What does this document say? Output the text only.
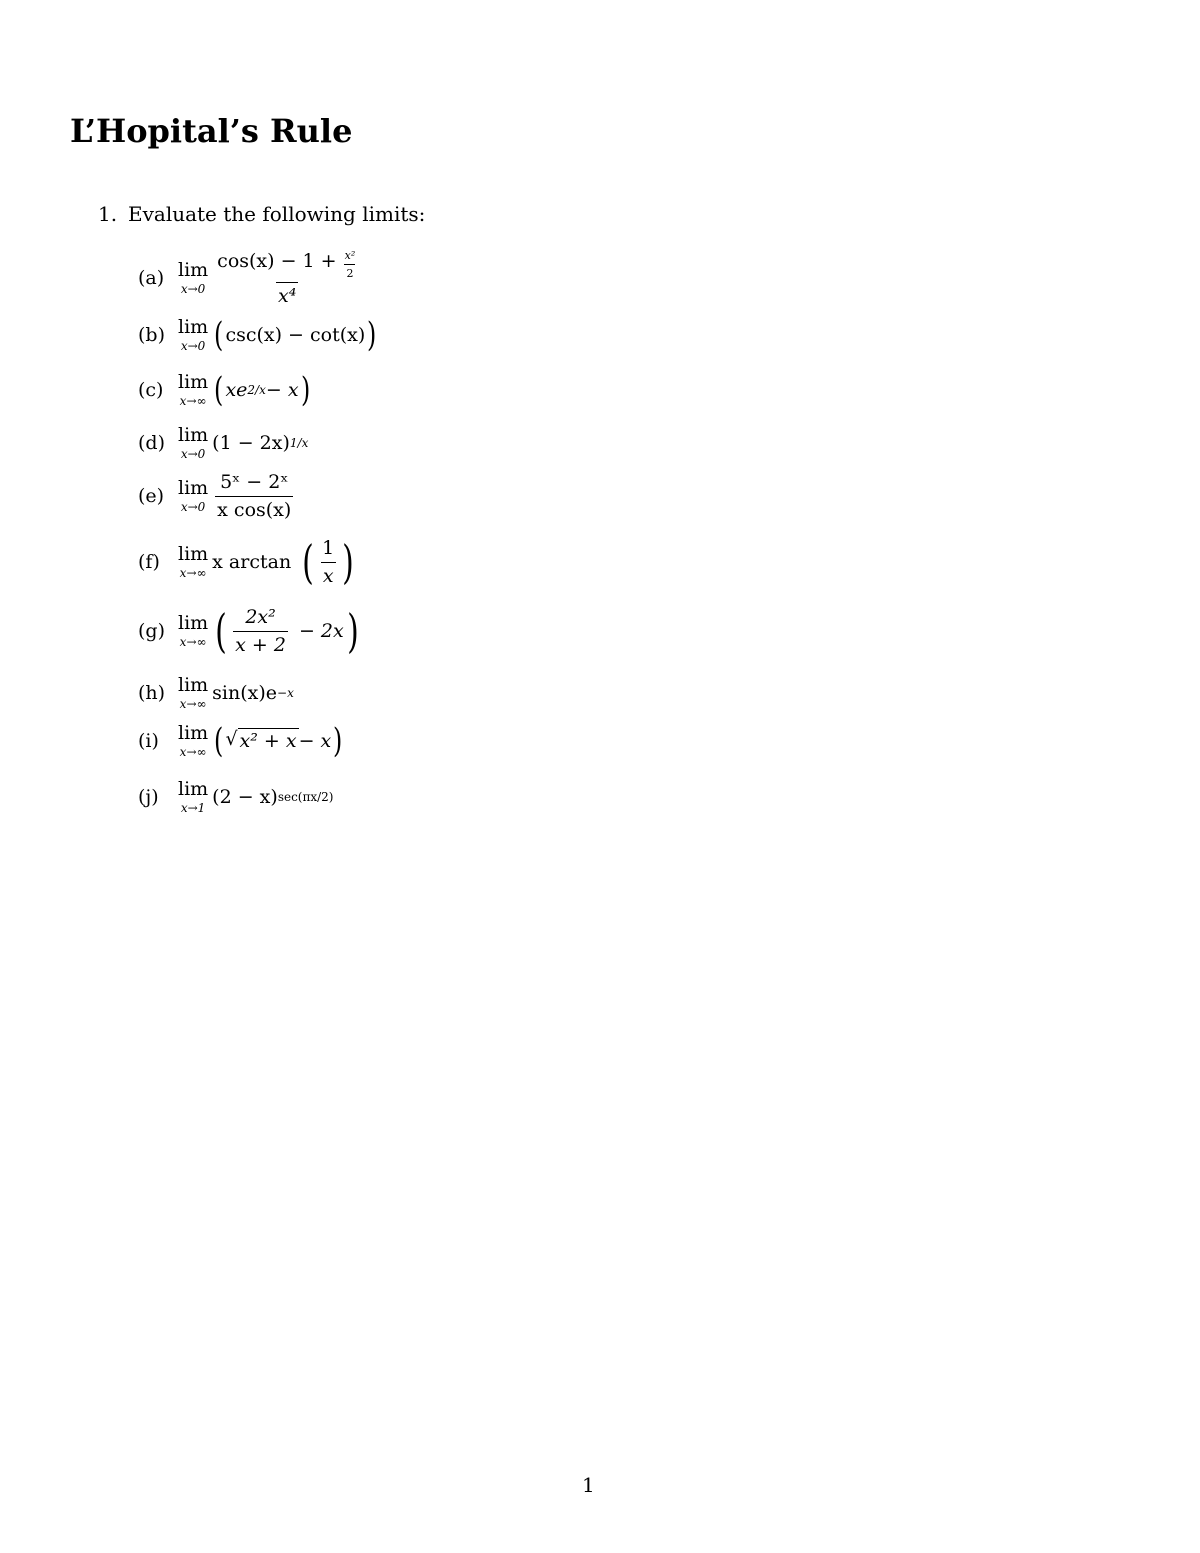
L’Hopital’s Rule
1. Evaluate the following limits:
(a) lim
$x\to 0 \frac{\cos(x) - 1 + \frac{\text{x²}}{2}}{\text{x⁴}}$
(b) lim
x→0 ( csc(x) − cot(x) )
(c) lim
x→∞ ( xe 2/x − x )
(d) lim
x→0 (1 − 2x) 1/x
(e) lim
$x\to 0 \frac{\text{5ˣ − 2ˣ}}{\text{x cos(x)}}$
(f) lim
x→∞ x arctan ( $\frac{1}{x}$ )
(g) lim
x→∞ ( $\frac{\text{2x²}}{x + 2} - 2x$ )
(h) lim
x→∞ sin(x)e −x
(i)	lim
x→∞ ( √ x² + x − x )
(j)	lim
x→1 (2 − x) sec(πx/2)
1
